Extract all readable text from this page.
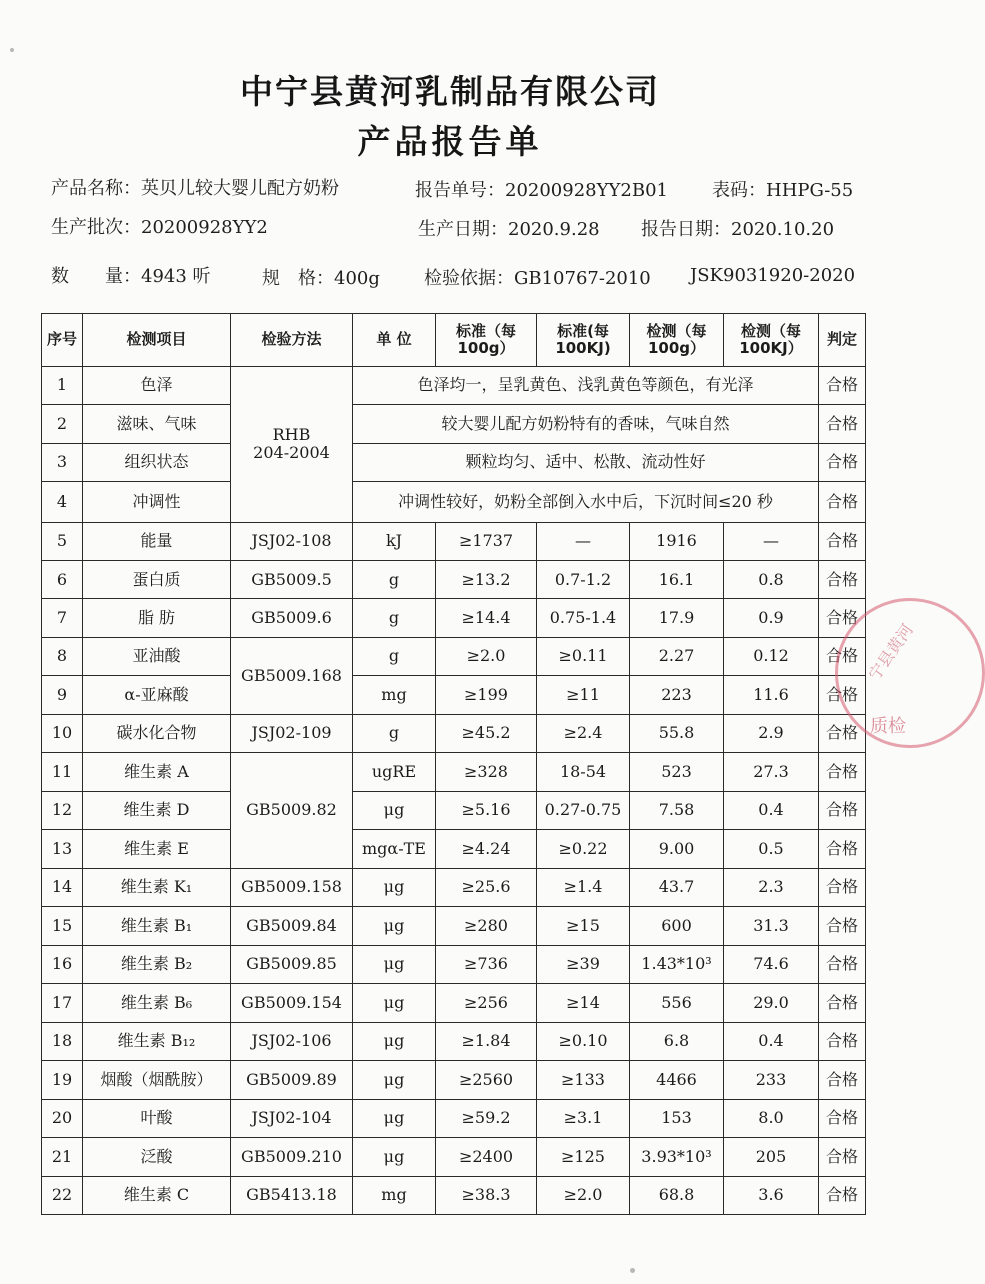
中宁县黄河乳制品有限公司
产品报告单
产品名称：英贝儿较大婴儿配方奶粉	报告单号：20200928YY2B01 表码：HHPG-55
生产批次：20200928YY2	生产日期：2020.9.28 报告日期：2020.10.20
数　　量：4943 听	规　格：400g 检验依据：GB10767-2010 JSK9031920-2020
序号	检测项目	检验方法	单 位	标准（每100g）	标准(每100KJ)	检测（每100g）	检测（每100KJ）	判定
1	色泽	RHB 204-2004	色泽均一，呈乳黄色、浅乳黄色等颜色，有光泽					合格
2	滋味、气味		较大婴儿配方奶粉特有的香味，气味自然					合格
3	组织状态		颗粒均匀、适中、松散、流动性好					合格
4	冲调性		冲调性较好，奶粉全部倒入水中后，下沉时间≤20 秒					合格
5	能量	JSJ02-108	kJ	≥1737	—	1916	—	合格
6	蛋白质	GB5009.5	g	≥13.2	0.7-1.2	16.1	0.8	合格
7	脂 肪	GB5009.6	g	≥14.4	0.75-1.4	17.9	0.9	合格
8	亚油酸	GB5009.168	g	≥2.0	≥0.11	2.27	0.12	合格
9	α-亚麻酸		mg	≥199	≥11	223	11.6	合格
10	碳水化合物	JSJ02-109	g	≥45.2	≥2.4	55.8	2.9	合格
11	维生素 A	GB5009.82	ugRE	≥328	18-54	523	27.3	合格
12	维生素 D		μg	≥5.16	0.27-0.75	7.58	0.4	合格
13	维生素 E		mgα-TE	≥4.24	≥0.22	9.00	0.5	合格
14	维生素 K₁	GB5009.158	μg	≥25.6	≥1.4	43.7	2.3	合格
15	维生素 B₁	GB5009.84	μg	≥280	≥15	600	31.3	合格
16	维生素 B₂	GB5009.85	μg	≥736	≥39	1.43*10³	74.6	合格
17	维生素 B₆	GB5009.154	μg	≥256	≥14	556	29.0	合格
18	维生素 B₁₂	JSJ02-106	μg	≥1.84	≥0.10	6.8	0.4	合格
19	烟酸（烟酰胺）	GB5009.89	μg	≥2560	≥133	4466	233	合格
20	叶酸	JSJ02-104	μg	≥59.2	≥3.1	153	8.0	合格
21	泛酸	GB5009.210	μg	≥2400	≥125	3.93*10³	205	合格
22	维生素 C	GB5413.18	mg	≥38.3	≥2.0	68.8	3.6	合格
宁县黄河
质检
